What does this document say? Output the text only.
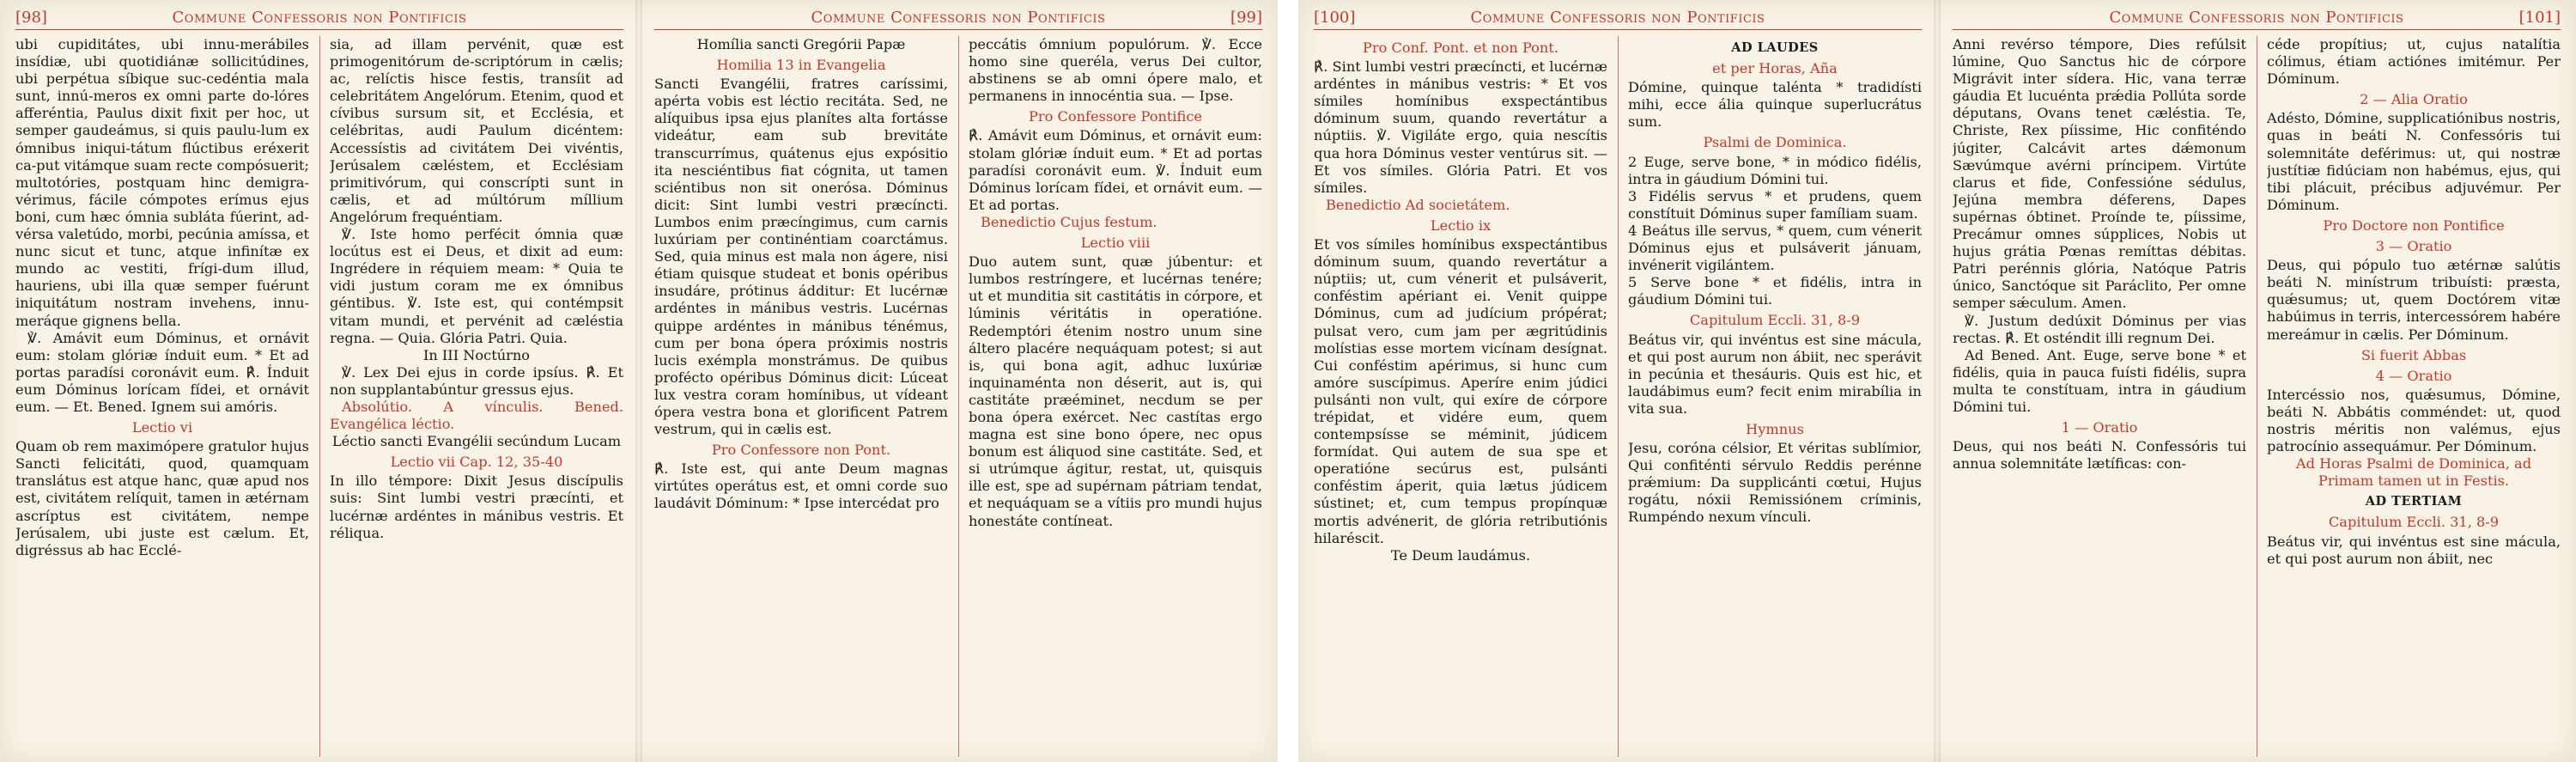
[98]	Commune Confessoris non Pontificis

ubi cupiditátes, ubi innu-merábiles insídiæ, ubi quotidiánæ sollicitúdines, ubi perpétua síbique suc-cedéntia mala sunt, innú-meros ex omni parte do-lóres afferéntia, Paulus dixit fixit per hoc, ut semper gaudeámus, si quis paulu-lum ex ómnibus iniqui-tátum flúctibus eréxerit ca-put vitámque suam recte compósuerit; multotóries, postquam hinc demigra-vérimus, fácile cómpotes erímus ejus boni, cum hæc ómnia subláta fúerint, ad-vérsa valetúdo, morbi, pecúnia amíssa, et nunc sicut et tunc, atque infinítæ ex mundo ac vestiti, frígi-dum illud, hauriens, ubi illa quæ semper fuérunt iniquitátum nostram invehens, innu-meráque gignens bella.

℣. Amávit eum Dóminus, et ornávit eum: stolam glóriæ índuit eum. * Et ad portas paradísi coronávit eum. ℟. Índuit eum Dóminus lorícam fídei, et ornávit eum. — Et. Bened. Ignem sui amóris.

Lectio vi

Quam ob rem maximópere gratulor hujus Sancti felicitáti, quod, quamquam translátus est atque hanc, quæ apud nos est, civitátem relíquit, tamen in ætérnam ascríptus est civitátem, nempe Jerúsalem, ubi juste est cælum. Et, digréssus ab hac Ecclé-

sia, ad illam pervénit, quæ est primogenitórum de-scriptórum in cælis; ac, relíctis hisce festis, transíit ad celebritátem Angelórum. Etenim, quod et cívibus sursum sit, et Ecclésia, et celébritas, audi Paulum dicéntem: Accessístis ad civitátem Dei vivéntis, Jerúsalem cæléstem, et Ecclésiam primitivórum, qui conscrípti sunt in cælis, et ad múltórum míllium Angelórum frequéntiam.

℣. Iste homo perfécit ómnia quæ locútus est ei Deus, et dixit ad eum: Ingrédere in réquiem meam: * Quia te vidi justum coram me ex ómnibus géntibus. ℣. Iste est, qui contémpsit vitam mundi, et pervénit ad cæléstia regna. — Quia. Glória Patri. Quia.

In III Noctúrno

℣. Lex Dei ejus in corde ipsíus. ℟. Et non supplantabúntur gressus ejus.

Absolútio. A vínculis. Bened. Evangélica léctio.

Léctio sancti Evangélii secúndum Lucam

Lectio vii Cap. 12, 35-40

In illo témpore: Dixit Jesus discípulis suis: Sint lumbi vestri præcínti, et lucérnæ ardéntes in mánibus vestris. Et réliqua.

Commune Confessoris non Pontificis	[99]

Homília sancti Gregórii Papæ

Homilia 13 in Evangelia

Sancti Evangélii, fratres caríssimi, apérta vobis est léctio recitáta. Sed, ne alíquibus ipsa ejus planítes alta fortásse videátur, eam sub brevitáte transcurrímus, quátenus ejus expósitio ita nesciéntibus fiat cógnita, ut tamen sciéntibus non sit onerósa. Dóminus dicit: Sint lumbi vestri præcíncti. Lumbos enim præcíngimus, cum carnis luxúriam per continéntiam coarctámus. Sed, quia minus est mala non ágere, nisi étiam quisque studeat et bonis opéribus insudáre, prótinus ádditur: Et lucérnæ ardéntes in mánibus vestris. Lucérnas quippe ardéntes in mánibus ténémus, cum per bona ópera próximis nostris lucis exémpla monstrámus. De quibus profécto opéribus Dóminus dicit: Lúceat lux vestra coram homínibus, ut vídeant ópera vestra bona et glorificent Patrem vestrum, qui in cælis est.

Pro Confessore non Pont.

℟. Iste est, qui ante Deum magnas virtútes operátus est, et omni corde suo laudávit Dóminum: * Ipse intercédat pro

peccátis ómnium populórum. ℣. Ecce homo sine queréla, verus Dei cultor, abstinens se ab omni ópere malo, et permanens in innocéntia sua. — Ipse.

Pro Confessore Pontifice

℟. Amávit eum Dóminus, et ornávit eum: stolam glóriæ índuit eum. * Et ad portas paradísi coronávit eum. ℣. Índuit eum Dóminus lorícam fídei, et ornávit eum. — Et ad portas.

Benedictio Cujus festum.

Lectio viii

Duo autem sunt, quæ júbentur: et lumbos restríngere, et lucérnas tenére; ut et munditia sit castitátis in córpore, et lúminis véritátis in operatióne. Redemptóri étenim nostro unum sine áltero placére nequáquam potest; si aut is, qui bona agit, adhuc luxúriæ inquinaménta non déserit, aut is, qui castitáte præéminet, necdum se per bona ópera exércet. Nec castítas ergo magna est sine bono ópere, nec opus bonum est áliquod sine castitáte. Sed, et si utrúmque ágitur, restat, ut, quisquis ille est, spe ad supérnam pátriam tendat, et nequáquam se a vítiis pro mundi hujus honestáte contíneat.

[100]	Commune Confessoris non Pontificis

Pro Conf. Pont. et non Pont.

℟. Sint lumbi vestri præcíncti, et lucérnæ ardéntes in mánibus vestris: * Et vos símiles homínibus exspectántibus dóminum suum, quando revertátur a núptiis. ℣. Vigiláte ergo, quia nescítis qua hora Dóminus vester ventúrus sit. — Et vos símiles. Glória Patri. Et vos símiles.

Benedictio Ad societátem.

Lectio ix

Et vos símiles homínibus exspectántibus dóminum suum, quando revertátur a núptiis; ut, cum vénerit et pulsáverit, conféstim apériant ei. Venit quippe Dóminus, cum ad judícium própérat; pulsat vero, cum jam per ægritúdinis molístias esse mortem vicínam desígnat. Cui conféstim apérimus, si hunc cum amóre suscípimus. Aperíre enim júdici pulsánti non vult, qui exíre de córpore trépidat, et vidére eum, quem contempsísse se méminit, júdicem formídat. Qui autem de sua spe et operatióne secúrus est, pulsánti conféstim áperit, quia lætus júdicem sústinet; et, cum tempus propínquæ mortis advénerit, de glória retributiónis hilaréscit.

Te Deum laudámus.

AD LAUDES

et per Horas, Aña

Dómine, quinque talénta * tradidísti mihi, ecce ália quinque superlucrátus sum.

Psalmi de Dominica.

2 Euge, serve bone, * in módico fidélis, intra in gáudium Dómini tui.

3 Fidélis servus * et prudens, quem constítuit Dóminus super famíliam suam.

4 Beátus ille servus, * quem, cum vénerit Dóminus ejus et pulsáverit jánuam, invénerit vigilántem.

5 Serve bone * et fidélis, intra in gáudium Dómini tui.

Capitulum Eccli. 31, 8-9

Beátus vir, qui invéntus est sine mácula, et qui post aurum non ábiit, nec sperávit in pecúnia et thesáuris. Quis est hic, et laudábimus eum? fecit enim mirabília in vita sua.

Hymnus

Jesu, coróna célsior, Et véritas sublímior, Qui confiténti sérvulo Reddis perénne prǽmium: Da supplicánti cœtui, Hujus rogátu, nóxii Remissiónem críminis, Rumpéndo nexum vínculi.

Commune Confessoris non Pontificis	[101]

Anni revérso témpore, Dies refúlsit lúmine, Quo Sanctus hic de córpore Migrávit inter sídera. Hic, vana terræ gáudia Et lucuénta prǽdia Pollúta sorde députans, Ovans tenet cæléstia. Te, Christe, Rex píissime, Hic confiténdo júgiter, Calcávit artes dǽmonum Sævúmque avérni príncipem. Virtúte clarus et fide, Confessióne sédulus, Jejúna membra déferens, Dapes supérnas óbtinet. Proínde te, píissime, Precámur omnes súpplices, Nobis ut hujus grátia Pœnas remíttas débitas. Patri perénnis glória, Natóque Patris único, Sanctóque sit Paráclito, Per omne semper sǽculum. Amen.

℣. Justum dedúxit Dóminus per vias rectas. ℟. Et osténdit illi regnum Dei.

Ad Bened. Ant. Euge, serve bone * et fidélis, quia in pauca fuísti fidélis, supra multa te constítuam, intra in gáudium Dómini tui.

1 — Oratio

Deus, qui nos beáti N. Confessóris tui annua solemnitáte lætíficas: con-

céde propítius; ut, cujus natalítia cólimus, étiam actiónes imitémur. Per Dóminum.

2 — Alia Oratio

Adésto, Dómine, supplicatiónibus nostris, quas in beáti N. Confessóris tui solemnitáte deférimus: ut, qui nostræ justítiæ fidúciam non habémus, ejus, qui tibi plácuit, précibus adjuvémur. Per Dóminum.

Pro Doctore non Pontifice

3 — Oratio

Deus, qui pópulo tuo ætérnæ salútis beáti N. minístrum tribuísti: præsta, quǽsumus; ut, quem Doctórem vitæ habúimus in terris, intercessórem habére mereámur in cælis. Per Dóminum.

Si fuerit Abbas

4 — Oratio

Intercéssio nos, quǽsumus, Dómine, beáti N. Abbátis comméndet: ut, quod nostris méritis non valémus, ejus patrocínio assequámur. Per Dóminum.

Ad Horas Psalmi de Dominica, ad Primam tamen ut in Festis.

AD TERTIAM

Capitulum Eccli. 31, 8-9

Beátus vir, qui invéntus est sine mácula, et qui post aurum non ábiit, nec
